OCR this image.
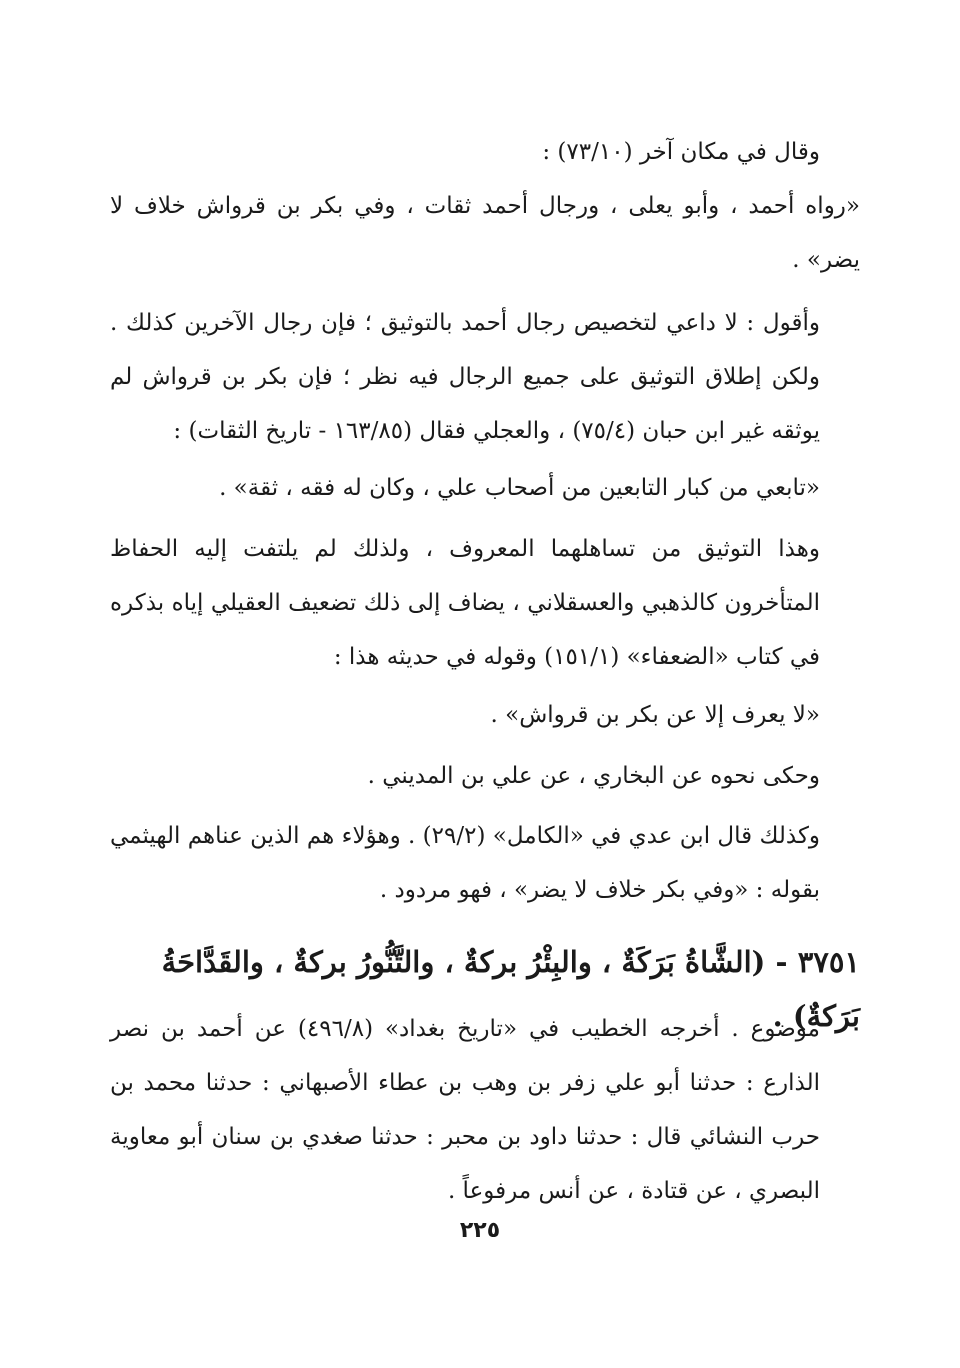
وقال في مكان آخر (٧٣/١٠) :

«رواه أحمد ، وأبو يعلى ، ورجال أحمد ثقات ، وفي بكر بن قرواش خلاف لا يضر» .

وأقول : لا داعي لتخصيص رجال أحمد بالتوثيق ؛ فإن رجال الآخرين كذلك . ولكن إطلاق التوثيق على جميع الرجال فيه نظر ؛ فإن بكر بن قرواش لم يوثقه غير ابن حبان (٧٥/٤) ، والعجلي فقال (١٦٣/٨٥ - تاريخ الثقات) :

«تابعي من كبار التابعين من أصحاب علي ، وكان له فقه ، ثقة» .

وهذا التوثيق من تساهلهما المعروف ، ولذلك لم يلتفت إليه الحفاظ المتأخرون كالذهبي والعسقلاني ، يضاف إلى ذلك تضعيف العقيلي إياه بذكره في كتاب «الضعفاء» (١٥١/١) وقوله في حديثه هذا :

«لا يعرف إلا عن بكر بن قرواش» .

وحكى نحوه عن البخاري ، عن علي بن المديني .

وكذلك قال ابن عدي في «الكامل» (٢٩/٢) . وهؤلاء هم الذين عناهم الهيثمي بقوله : «وفي بكر خلاف لا يضر» ، فهو مردود .

٣٧٥١ - (الشَّاةُ بَرَكَةٌ ، والبِئْرُ بركةٌ ، والتَّنُّورُ بركةٌ ، والقَدَّاحَةُ بَرَكةٌ) .

موضوع . أخرجه الخطيب في «تاريخ بغداد» (٤٩٦/٨) عن أحمد بن نصر الذارع : حدثنا أبو علي زفر بن وهب بن عطاء الأصبهاني : حدثنا محمد بن حرب النشائي قال : حدثنا داود بن محبر : حدثنا صغدي بن سنان أبو معاوية البصري ، عن قتادة ، عن أنس مرفوعاً .

٢٢٥
